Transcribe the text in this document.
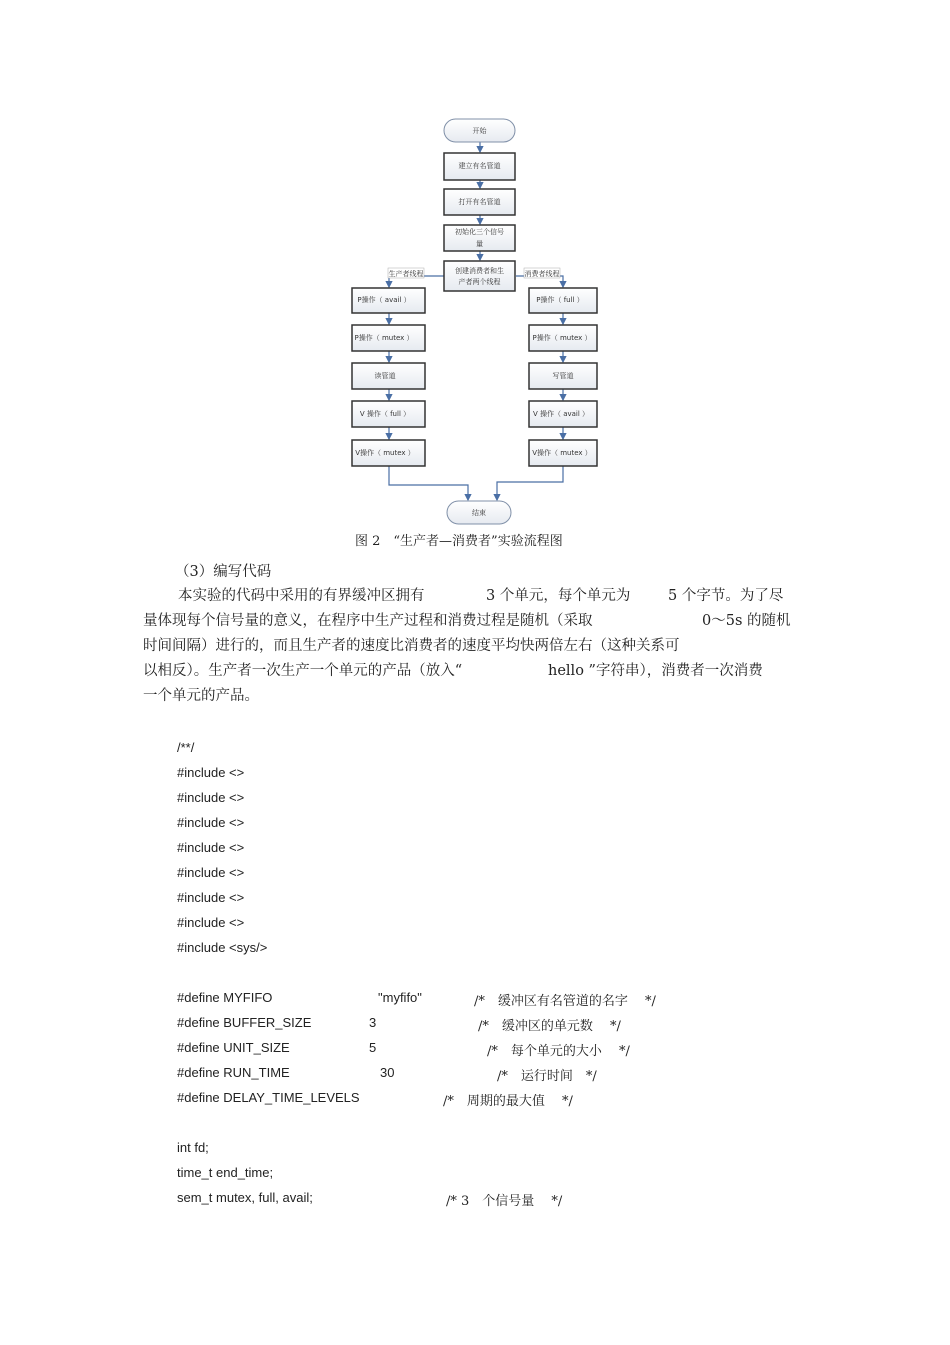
开始
建立有名管道
打开有名管道
初始化三个信号
量
创建消费者和生
产者两个线程
生产者线程	消费者线程
P操作（ avail ）
P操作（ mutex ）
读管道
V 操作（ full ）
V操作（ mutex ）
P操作（ full ）
P操作（ mutex ）
写管道
V 操作（ avail ）
V操作（ mutex ）
结束
图 2　“生产者—消费者”实验流程图
（3）编写代码
本实验的代码中采用的有界缓冲区拥有	3 个单元，每个单元为	5 个字节。为了尽
量体现每个信号量的意义，在程序中生产过程和消费过程是随机（采取	0～5s 的随机
时间间隔）进行的，而且生产者的速度比消费者的速度平均快两倍左右（这种关系可
以相反）。生产者一次生产一个单元的产品（放入“	hello ”字符串），消费者一次消费
一个单元的产品。
/**/
#include <>
#include <>
#include <>
#include <>
#include <>
#include <>
#include <>
#include <sys/>
#define MYFIFO	"myfifo"	/*　缓冲区有名管道的名字　 */
#define BUFFER_SIZE	3	/*　缓冲区的单元数　 */
#define UNIT_SIZE	5	/*　每个单元的大小　 */
#define RUN_TIME	30	/*　运行时间　*/
#define DELAY_TIME_LEVELS	/*　周期的最大值　 */
int fd;
time_t end_time;
sem_t mutex, full, avail;	/* 3　个信号量　 */
